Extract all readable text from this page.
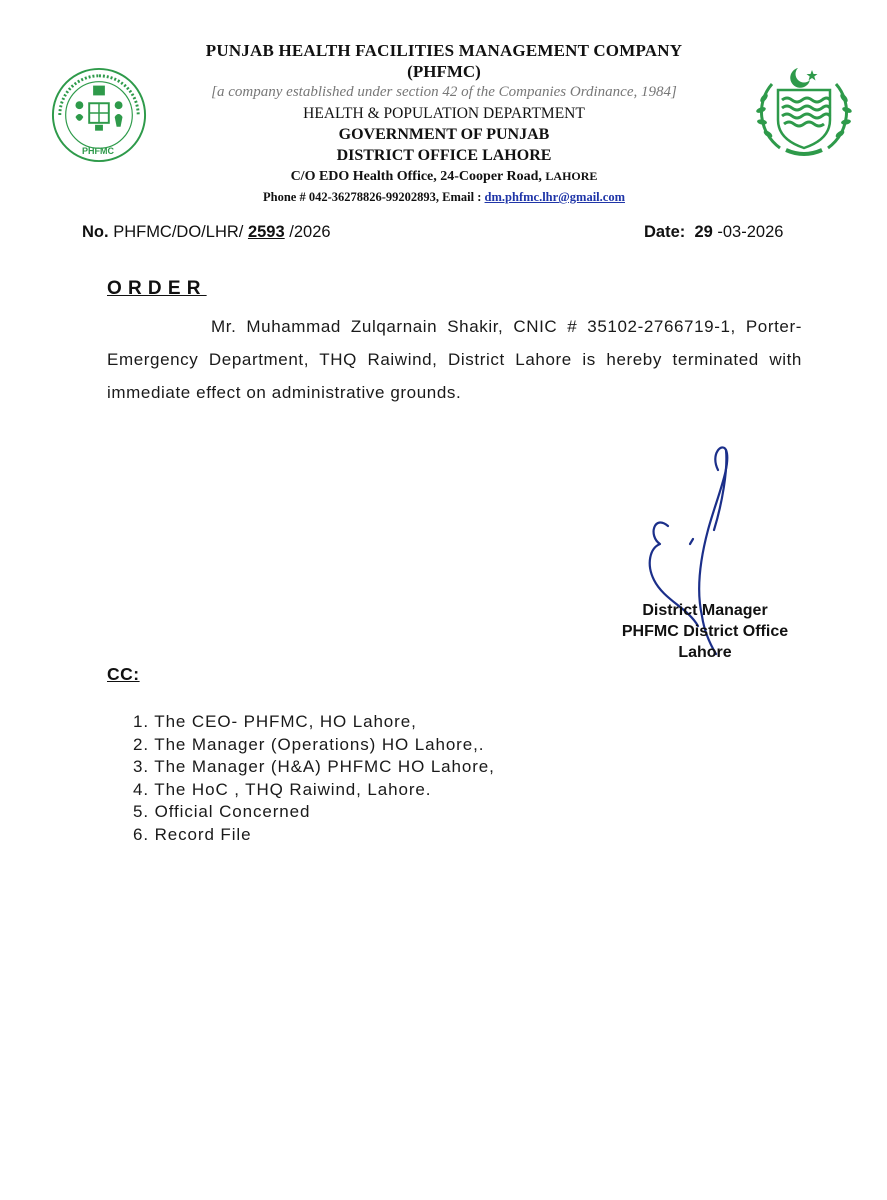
PHFMC
PUNJAB HEALTH FACILITIES MANAGEMENT COMPANY
(PHFMC)
[a company established under section 42 of the Companies Ordinance, 1984]
HEALTH & POPULATION DEPARTMENT
GOVERNMENT OF PUNJAB
DISTRICT OFFICE LAHORE
C/O EDO Health Office, 24-Cooper Road, LAHORE
Phone # 042-36278826-99202893, Email : dm.phfmc.lhr@gmail.com
No. PHFMC/DO/LHR/ 2593 /2026	Date: 29 -03-2026
ORDER
Mr. Muhammad Zulqarnain Shakir, CNIC # 35102-2766719-1, Porter-Emergency Department, THQ Raiwind, District Lahore is hereby terminated with immediate effect on administrative grounds.
District Manager
PHFMC District Office
Lahore
CC:
1. The CEO- PHFMC, HO Lahore,
2. The Manager (Operations) HO Lahore,.
3. The Manager (H&A) PHFMC HO Lahore,
4. The HoC , THQ Raiwind, Lahore.
5. Official Concerned
6. Record File
